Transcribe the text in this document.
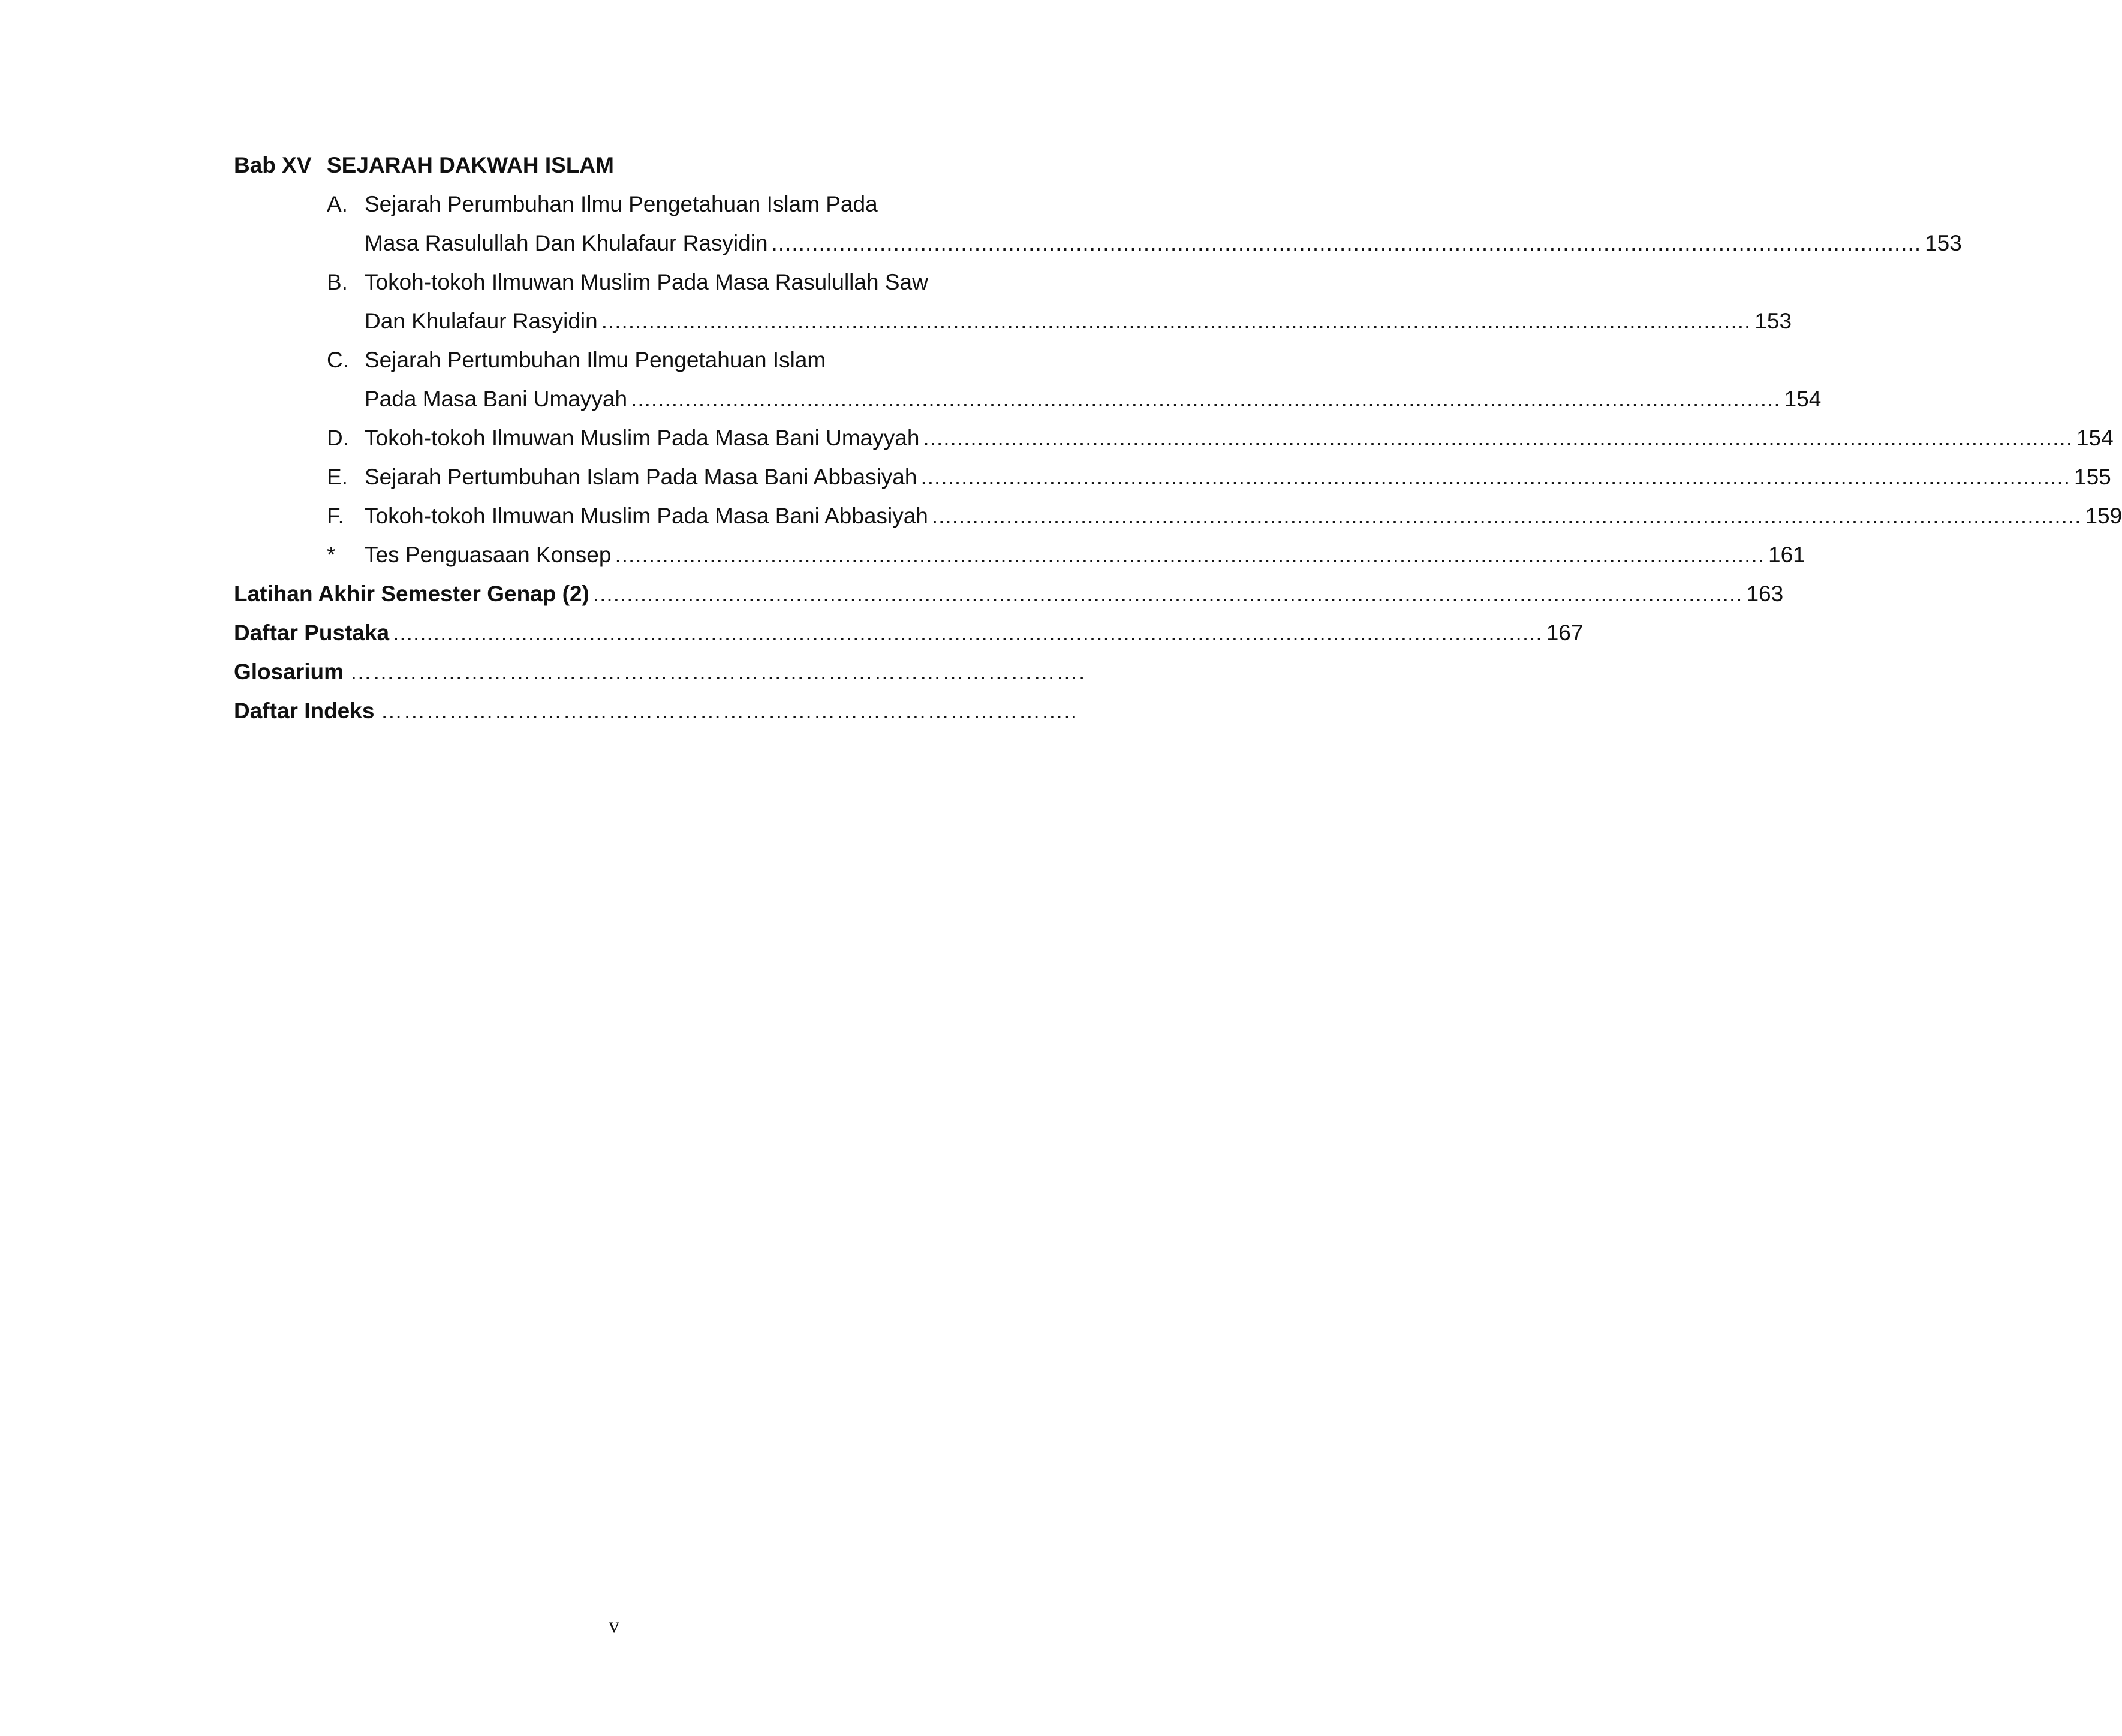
Bab XV SEJARAH DAKWAH ISLAM
A. Sejarah Perumbuhan Ilmu Pengetahuan Islam Pada
Masa Rasulullah Dan Khulafaur Rasyidin .......................................................................................................................................................................... 153
B. Tokoh-tokoh Ilmuwan Muslim Pada Masa Rasulullah Saw
Dan Khulafaur Rasyidin .......................................................................................................................................................................... 153
C. Sejarah Pertumbuhan Ilmu Pengetahuan Islam
Pada Masa Bani Umayyah .......................................................................................................................................................................... 154
D. Tokoh-tokoh Ilmuwan Muslim Pada Masa Bani Umayyah .......................................................................................................................................................................... 154
E. Sejarah Pertumbuhan Islam Pada Masa Bani Abbasiyah .......................................................................................................................................................................... 155
F. Tokoh-tokoh Ilmuwan Muslim Pada Masa Bani Abbasiyah .......................................................................................................................................................................... 159
*	Tes Penguasaan Konsep .......................................................................................................................................................................... 161
Latihan Akhir Semester Genap (2) .......................................................................................................................................................................... 163
Daftar Pustaka .......................................................................................................................................................................... 167
Glosarium …………………………………………………………………………………….
Daftar Indeks ………………………………………………………………………………..
v
